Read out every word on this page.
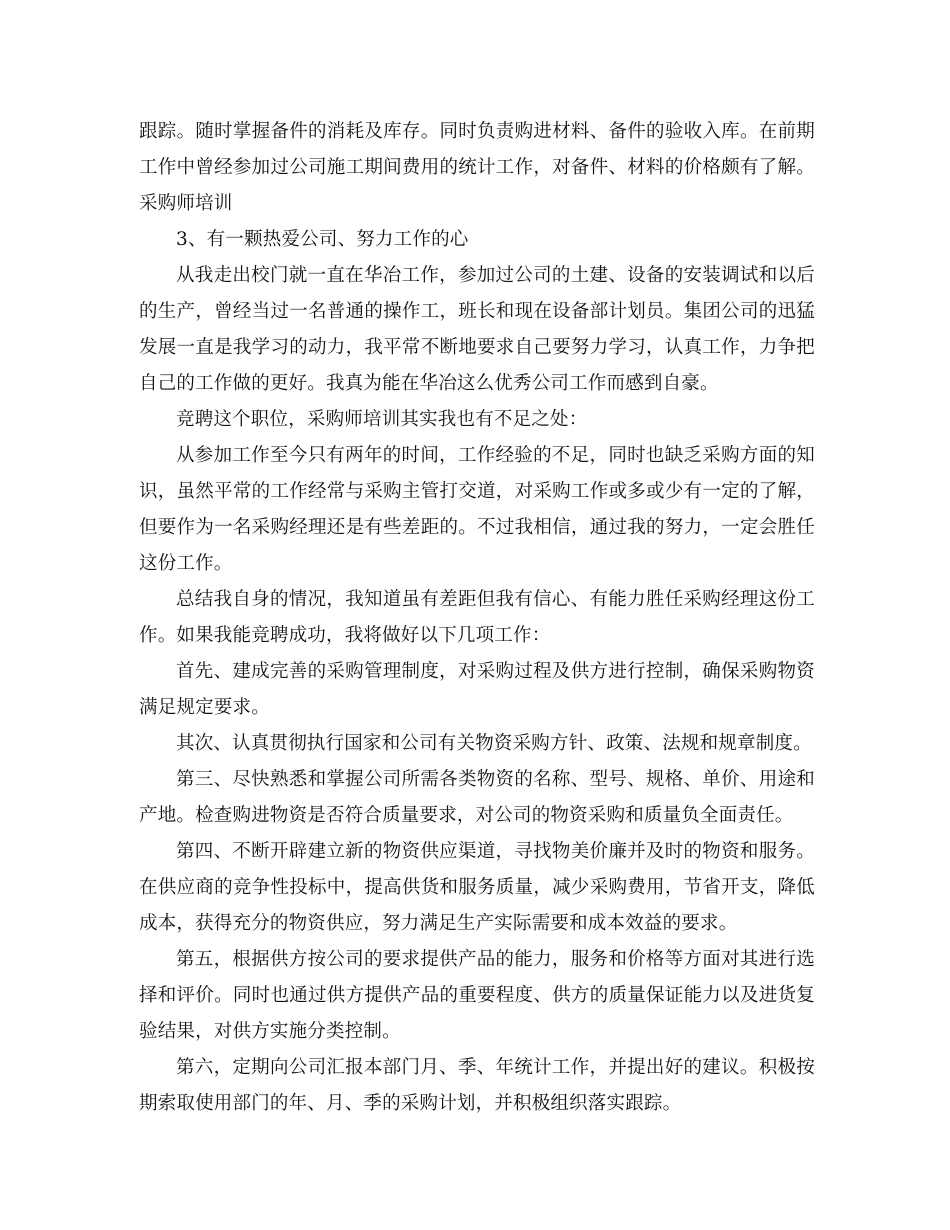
跟踪。随时掌握备件的消耗及库存。同时负责购进材料、备件的验收入库。在前期工作中曾经参加过公司施工期间费用的统计工作，对备件、材料的价格颇有了解。采购师培训

3、有一颗热爱公司、努力工作的心

从我走出校门就一直在华冶工作，参加过公司的土建、设备的安装调试和以后的生产，曾经当过一名普通的操作工，班长和现在设备部计划员。集团公司的迅猛发展一直是我学习的动力，我平常不断地要求自己要努力学习，认真工作，力争把自己的工作做的更好。我真为能在华冶这么优秀公司工作而感到自豪。

竞聘这个职位，采购师培训其实我也有不足之处：

从参加工作至今只有两年的时间，工作经验的不足，同时也缺乏采购方面的知识，虽然平常的工作经常与采购主管打交道，对采购工作或多或少有一定的了解，但要作为一名采购经理还是有些差距的。不过我相信，通过我的努力，一定会胜任这份工作。

总结我自身的情况，我知道虽有差距但我有信心、有能力胜任采购经理这份工作。如果我能竞聘成功，我将做好以下几项工作：

首先、建成完善的采购管理制度，对采购过程及供方进行控制，确保采购物资满足规定要求。

其次、认真贯彻执行国家和公司有关物资采购方针、政策、法规和规章制度。

第三、尽快熟悉和掌握公司所需各类物资的名称、型号、规格、单价、用途和产地。检查购进物资是否符合质量要求，对公司的物资采购和质量负全面责任。

第四、不断开辟建立新的物资供应渠道，寻找物美价廉并及时的物资和服务。在供应商的竞争性投标中，提高供货和服务质量，减少采购费用，节省开支，降低成本，获得充分的物资供应，努力满足生产实际需要和成本效益的要求。

第五，根据供方按公司的要求提供产品的能力，服务和价格等方面对其进行选择和评价。同时也通过供方提供产品的重要程度、供方的质量保证能力以及进货复验结果，对供方实施分类控制。

第六，定期向公司汇报本部门月、季、年统计工作，并提出好的建议。积极按期索取使用部门的年、月、季的采购计划，并积极组织落实跟踪。
